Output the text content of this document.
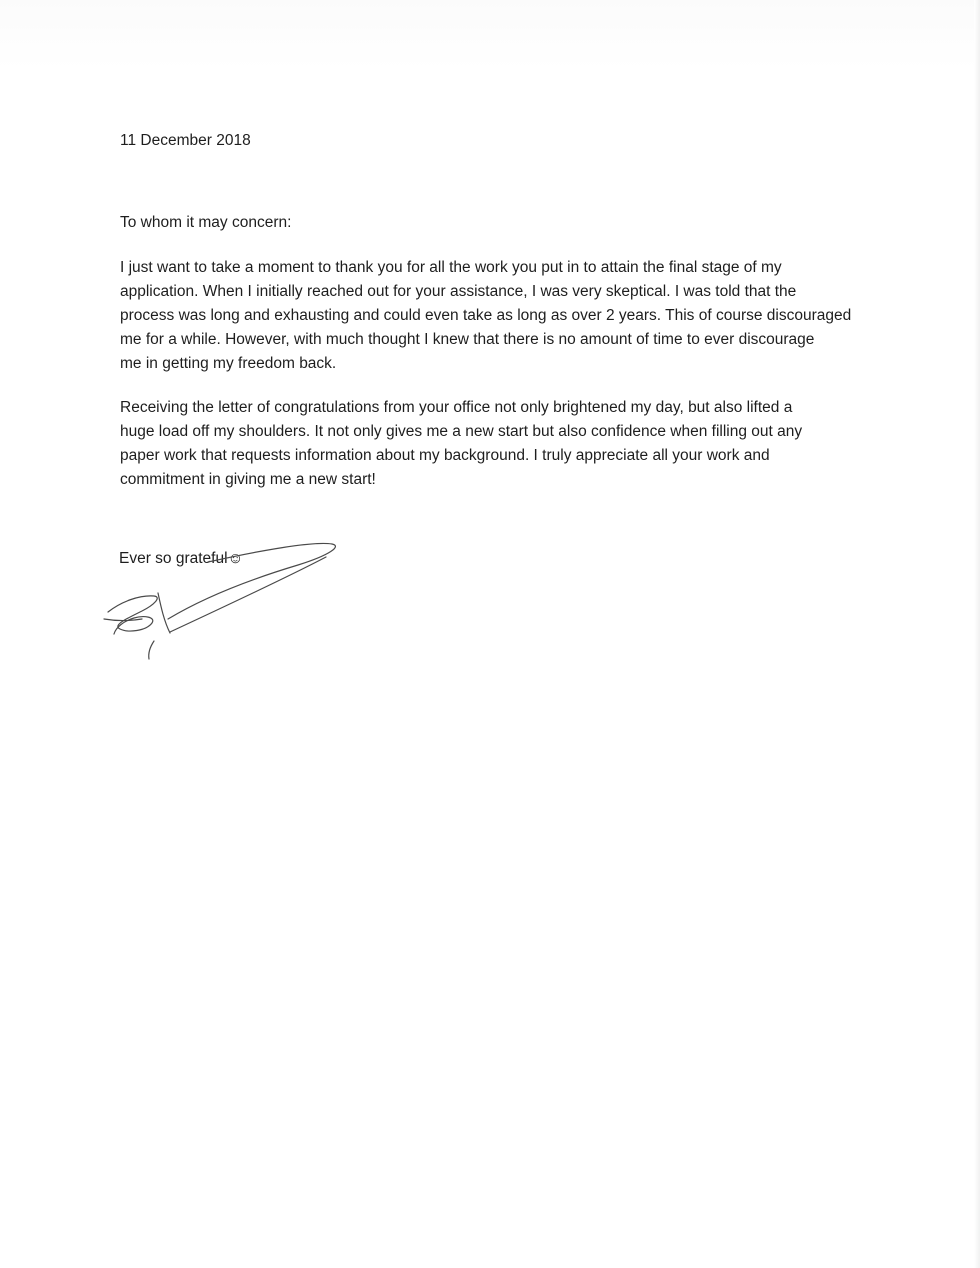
11 December 2018

To whom it may concern:

I just want to take a moment to thank you for all the work you put in to attain the final stage of my
application. When I initially reached out for your assistance, I was very skeptical. I was told that the
process was long and exhausting and could even take as long as over 2 years. This of course discouraged
me for a while. However, with much thought I knew that there is no amount of time to ever discourage
me in getting my freedom back.

Receiving the letter of congratulations from your office not only brightened my day, but also lifted a
huge load off my shoulders. It not only gives me a new start but also confidence when filling out any
paper work that requests information about my background. I truly appreciate all your work and
commitment in giving me a new start!

Ever so grateful☺
